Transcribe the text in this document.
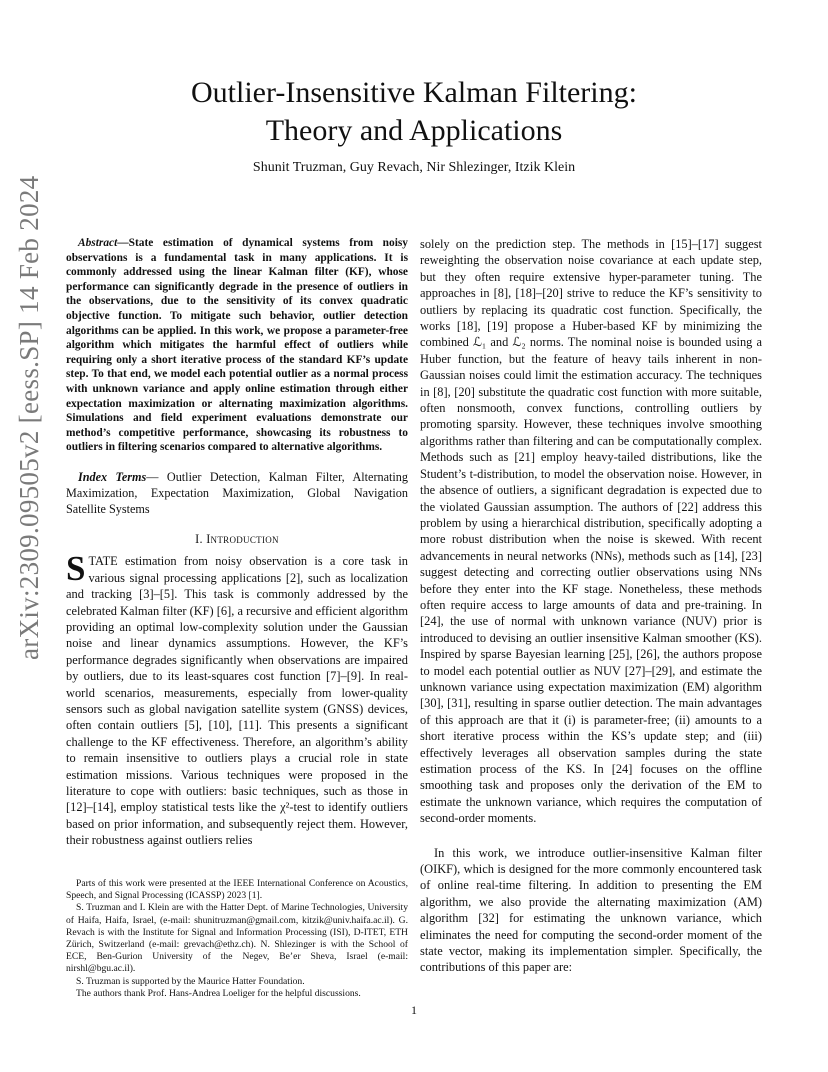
arXiv:2309.09505v2 [eess.SP] 14 Feb 2024
Outlier-Insensitive Kalman Filtering:
Theory and Applications
Shunit Truzman, Guy Revach, Nir Shlezinger, Itzik Klein

Abstract—State estimation of dynamical systems from noisy observations is a fundamental task in many applications. It is commonly addressed using the linear Kalman filter (KF), whose performance can significantly degrade in the presence of outliers in the observations, due to the sensitivity of its convex quadratic objective function. To mitigate such behavior, outlier detection algorithms can be applied. In this work, we propose a parameter-free algorithm which mitigates the harmful effect of outliers while requiring only a short iterative process of the standard KF’s update step. To that end, we model each potential outlier as a normal process with unknown variance and apply online estimation through either expectation maximization or alternating maximization algorithms. Simulations and field experiment evaluations demonstrate our method’s competitive performance, showcasing its robustness to outliers in filtering scenarios compared to alternative algorithms.

Index Terms— Outlier Detection, Kalman Filter, Alternating Maximization, Expectation Maximization, Global Navigation Satellite Systems

I. Introduction

STATE estimation from noisy observation is a core task in various signal processing applications [2], such as localization and tracking [3]–[5]. This task is commonly addressed by the celebrated Kalman filter (KF) [6], a recursive and efficient algorithm providing an optimal low-complexity solution under the Gaussian noise and linear dynamics assumptions. However, the KF’s performance degrades significantly when observations are impaired by outliers, due to its least-squares cost function [7]–[9]. In real-world scenarios, measurements, especially from lower-quality sensors such as global navigation satellite system (GNSS) devices, often contain outliers [5], [10], [11]. This presents a significant challenge to the KF effectiveness. Therefore, an algorithm’s ability to remain insensitive to outliers plays a crucial role in state estimation missions. Various techniques were proposed in the literature to cope with outliers: basic techniques, such as those in [12]–[14], employ statistical tests like the χ²-test to identify outliers based on prior information, and subsequently reject them. However, their robustness against outliers relies

Parts of this work were presented at the IEEE International Conference on Acoustics, Speech, and Signal Processing (ICASSP) 2023 [1].

S. Truzman and I. Klein are with the Hatter Dept. of Marine Technologies, University of Haifa, Haifa, Israel, (e-mail: shunitruzman@gmail.com, kitzik@univ.haifa.ac.il). G. Revach is with the Institute for Signal and Information Processing (ISI), D-ITET, ETH Zürich, Switzerland (e-mail: grevach@ethz.ch). N. Shlezinger is with the School of ECE, Ben-Gurion University of the Negev, Be’er Sheva, Israel (e-mail: nirshl@bgu.ac.il).

S. Truzman is supported by the Maurice Hatter Foundation.

The authors thank Prof. Hans-Andrea Loeliger for the helpful discussions.

solely on the prediction step. The methods in [15]–[17] suggest reweighting the observation noise covariance at each update step, but they often require extensive hyper-parameter tuning. The approaches in [8], [18]–[20] strive to reduce the KF’s sensitivity to outliers by replacing its quadratic cost function. Specifically, the works [18], [19] propose a Huber-based KF by minimizing the combined ℒ₁ and ℒ₂ norms. The nominal noise is bounded using a Huber function, but the feature of heavy tails inherent in non-Gaussian noises could limit the estimation accuracy. The techniques in [8], [20] substitute the quadratic cost function with more suitable, often nonsmooth, convex functions, controlling outliers by promoting sparsity. However, these techniques involve smoothing algorithms rather than filtering and can be computationally complex. Methods such as [21] employ heavy-tailed distributions, like the Student’s t-distribution, to model the observation noise. However, in the absence of outliers, a significant degradation is expected due to the violated Gaussian assumption. The authors of [22] address this problem by using a hierarchical distribution, specifically adopting a more robust distribution when the noise is skewed. With recent advancements in neural networks (NNs), methods such as [14], [23] suggest detecting and correcting outlier observations using NNs before they enter into the KF stage. Nonetheless, these methods often require access to large amounts of data and pre-training. In [24], the use of normal with unknown variance (NUV) prior is introduced to devising an outlier insensitive Kalman smoother (KS). Inspired by sparse Bayesian learning [25], [26], the authors propose to model each potential outlier as NUV [27]–[29], and estimate the unknown variance using expectation maximization (EM) algorithm [30], [31], resulting in sparse outlier detection. The main advantages of this approach are that it (i) is parameter-free; (ii) amounts to a short iterative process within the KS’s update step; and (iii) effectively leverages all observation samples during the state estimation process of the KS. In [24] focuses on the offline smoothing task and proposes only the derivation of the EM to estimate the unknown variance, which requires the computation of second-order moments.

In this work, we introduce outlier-insensitive Kalman filter (OIKF), which is designed for the more commonly encountered task of online real-time filtering. In addition to presenting the EM algorithm, we also provide the alternating maximization (AM) algorithm [32] for estimating the unknown variance, which eliminates the need for computing the second-order moment of the state vector, making its implementation simpler. Specifically, the contributions of this paper are:

1
